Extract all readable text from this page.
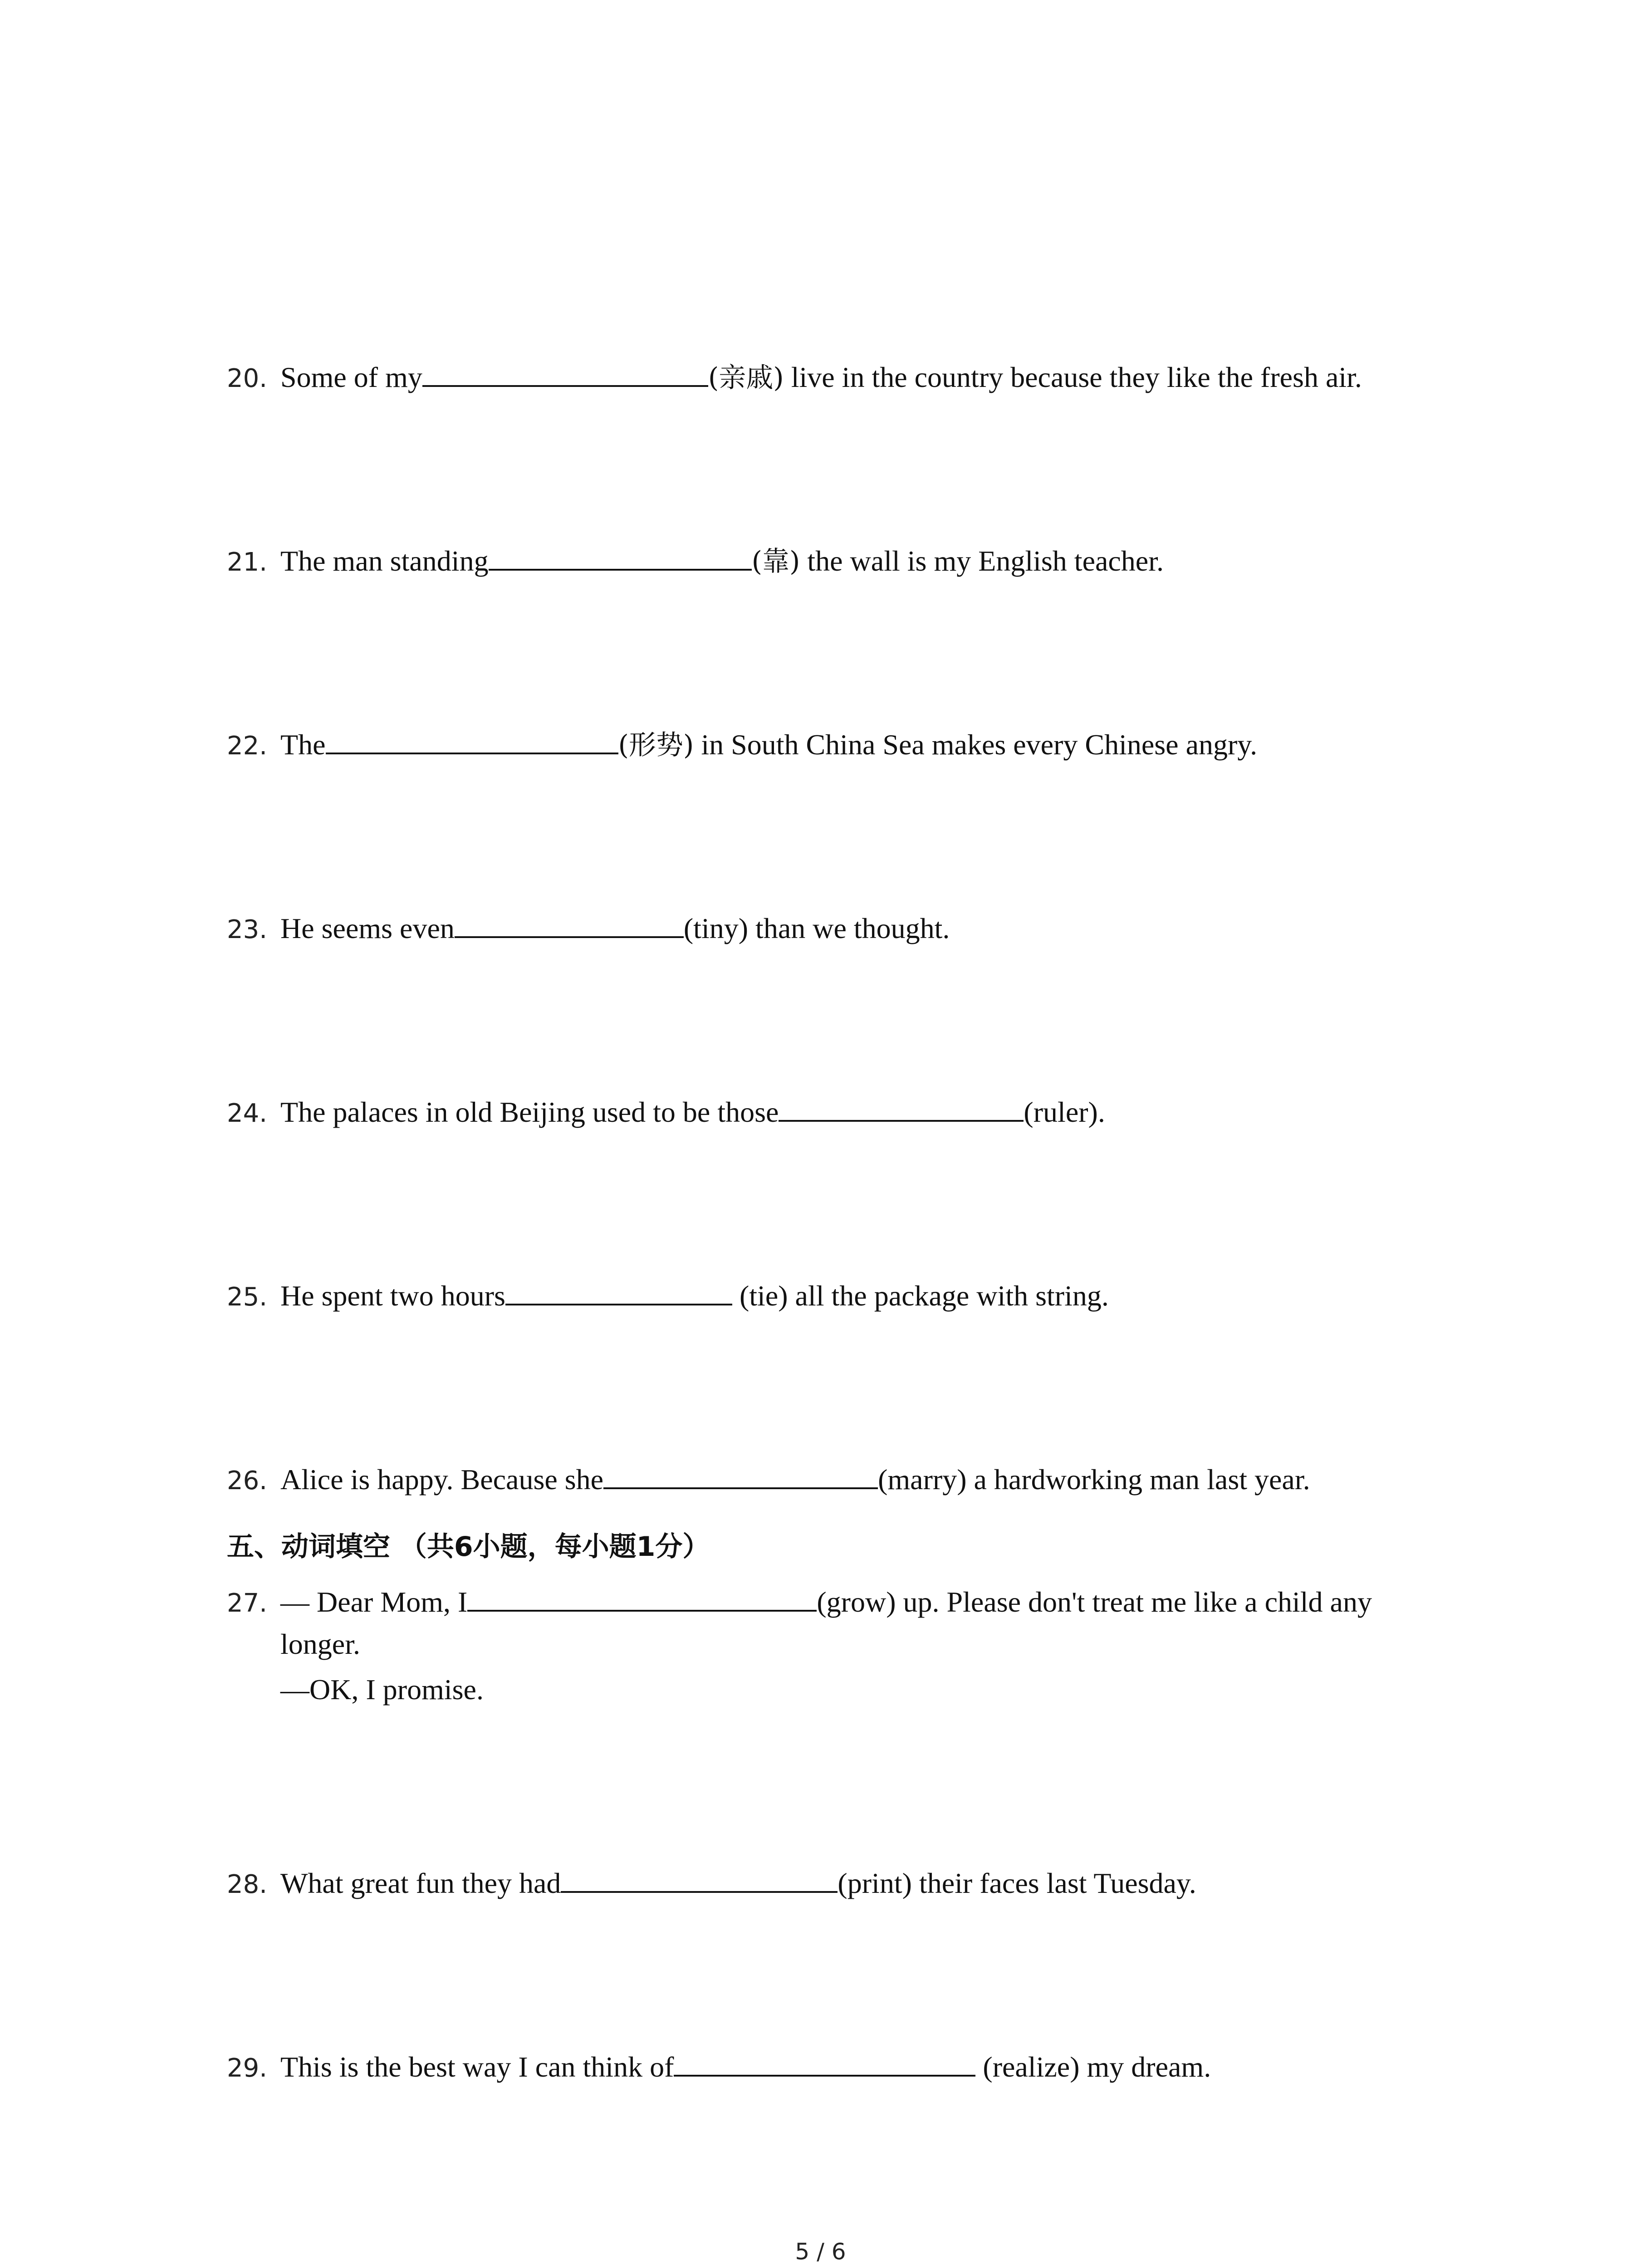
20. Some of my	(亲戚) live in the country because they like the fresh air.
21. The man standing	(靠) the wall is my English teacher.
22. The	(形势) in South China Sea makes every Chinese angry.
23. He seems even	(tiny) than we thought.
24. The palaces in old Beijing used to be those	(ruler).
25. He spent two hours	(tie) all the package with string.
26. Alice is happy. Because she	(marry) a hardworking man last year.
五、动词填空 （共6小题，每小题1分）
27. — Dear Mom, I	(grow) up. Please don't treat me like a child any
longer.
—OK, I promise.
28. What great fun they had	(print) their faces last Tuesday.
29. This is the best way I can think of	(realize) my dream.
5 / 6
